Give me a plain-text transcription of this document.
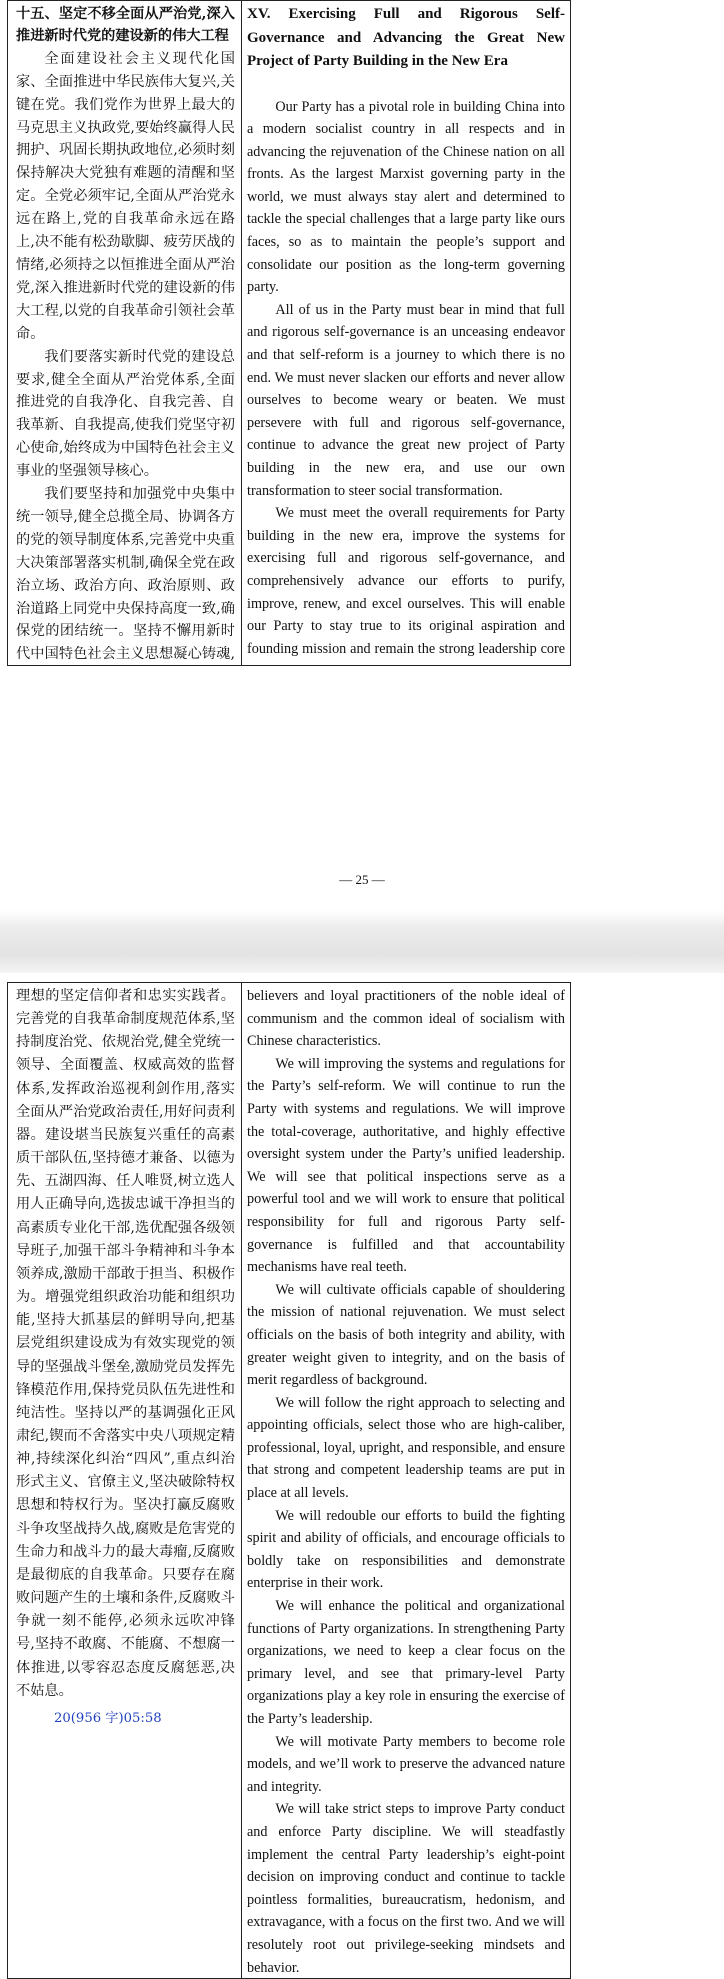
十五、坚定不移全面从严治党,深入推进新时代党的建设新的伟大工程

全面建设社会主义现代化国家、全面推进中华民族伟大复兴,关键在党。我们党作为世界上最大的马克思主义执政党,要始终赢得人民拥护、巩固长期执政地位,必须时刻保持解决大党独有难题的清醒和坚定。全党必须牢记,全面从严治党永远在路上,党的自我革命永远在路上,决不能有松劲歇脚、疲劳厌战的情绪,必须持之以恒推进全面从严治党,深入推进新时代党的建设新的伟大工程,以党的自我革命引领社会革命。

我们要落实新时代党的建设总要求,健全全面从严治党体系,全面推进党的自我净化、自我完善、自我革新、自我提高,使我们党坚守初心使命,始终成为中国特色社会主义事业的坚强领导核心。

我们要坚持和加强党中央集中统一领导,健全总揽全局、协调各方的党的领导制度体系,完善党中央重大决策部署落实机制,确保全党在政治立场、政治方向、政治原则、政治道路上同党中央保持高度一致,确保党的团结统一。坚持不懈用新时代中国特色社会主义思想凝心铸魂,

XV. Exercising Full and Rigorous Self-Governance and Advancing the Great New Project of Party Building in the New Era

Our Party has a pivotal role in building China into a modern socialist country in all respects and in advancing the rejuvenation of the Chinese nation on all fronts. As the largest Marxist governing party in the world, we must always stay alert and determined to tackle the special challenges that a large party like ours faces, so as to maintain the people’s support and consolidate our position as the long-term governing party.

All of us in the Party must bear in mind that full and rigorous self-governance is an unceasing endeavor and that self-reform is a journey to which there is no end. We must never slacken our efforts and never allow ourselves to become weary or beaten. We must persevere with full and rigorous self-governance, continue to advance the great new project of Party building in the new era, and use our own transformation to steer social transformation.

We must meet the overall requirements for Party building in the new era, improve the systems for exercising full and rigorous self-governance, and comprehensively advance our efforts to purify, improve, renew, and excel ourselves. This will enable our Party to stay true to its original aspiration and founding mission and remain the strong leadership core

— 25 —

理想的坚定信仰者和忠实实践者。完善党的自我革命制度规范体系,坚持制度治党、依规治党,健全党统一领导、全面覆盖、权威高效的监督体系,发挥政治巡视利剑作用,落实全面从严治党政治责任,用好问责利器。建设堪当民族复兴重任的高素质干部队伍,坚持德才兼备、以德为先、五湖四海、任人唯贤,树立选人用人正确导向,选拔忠诚干净担当的高素质专业化干部,选优配强各级领导班子,加强干部斗争精神和斗争本领养成,激励干部敢于担当、积极作为。增强党组织政治功能和组织功能,坚持大抓基层的鲜明导向,把基层党组织建设成为有效实现党的领导的坚强战斗堡垒,激励党员发挥先锋模范作用,保持党员队伍先进性和纯洁性。坚持以严的基调强化正风肃纪,锲而不舍落实中央八项规定精神,持续深化纠治“四风”,重点纠治形式主义、官僚主义,坚决破除特权思想和特权行为。坚决打赢反腐败斗争攻坚战持久战,腐败是危害党的生命力和战斗力的最大毒瘤,反腐败是最彻底的自我革命。只要存在腐败问题产生的土壤和条件,反腐败斗争就一刻不能停,必须永远吹冲锋号,坚持不敢腐、不能腐、不想腐一体推进,以零容忍态度反腐惩恶,决不姑息。

20(956 字)05:58

believers and loyal practitioners of the noble ideal of communism and the common ideal of socialism with Chinese characteristics.

We will improving the systems and regulations for the Party’s self-reform. We will continue to run the Party with systems and regulations. We will improve the total-coverage, authoritative, and highly effective oversight system under the Party’s unified leadership. We will see that political inspections serve as a powerful tool and we will work to ensure that political responsibility for full and rigorous Party self-governance is fulfilled and that accountability mechanisms have real teeth.

We will cultivate officials capable of shouldering the mission of national rejuvenation. We must select officials on the basis of both integrity and ability, with greater weight given to integrity, and on the basis of merit regardless of background.

We will follow the right approach to selecting and appointing officials, select those who are high-caliber, professional, loyal, upright, and responsible, and ensure that strong and competent leadership teams are put in place at all levels.

We will redouble our efforts to build the fighting spirit and ability of officials, and encourage officials to boldly take on responsibilities and demonstrate enterprise in their work.

We will enhance the political and organizational functions of Party organizations. In strengthening Party organizations, we need to keep a clear focus on the primary level, and see that primary-level Party organizations play a key role in ensuring the exercise of the Party’s leadership.

We will motivate Party members to become role models, and we’ll work to preserve the advanced nature and integrity.

We will take strict steps to improve Party conduct and enforce Party discipline. We will steadfastly implement the central Party leadership’s eight-point decision on improving conduct and continue to tackle pointless formalities, bureaucratism, hedonism, and extravagance, with a focus on the first two. And we will resolutely root out privilege-seeking mindsets and behavior.
